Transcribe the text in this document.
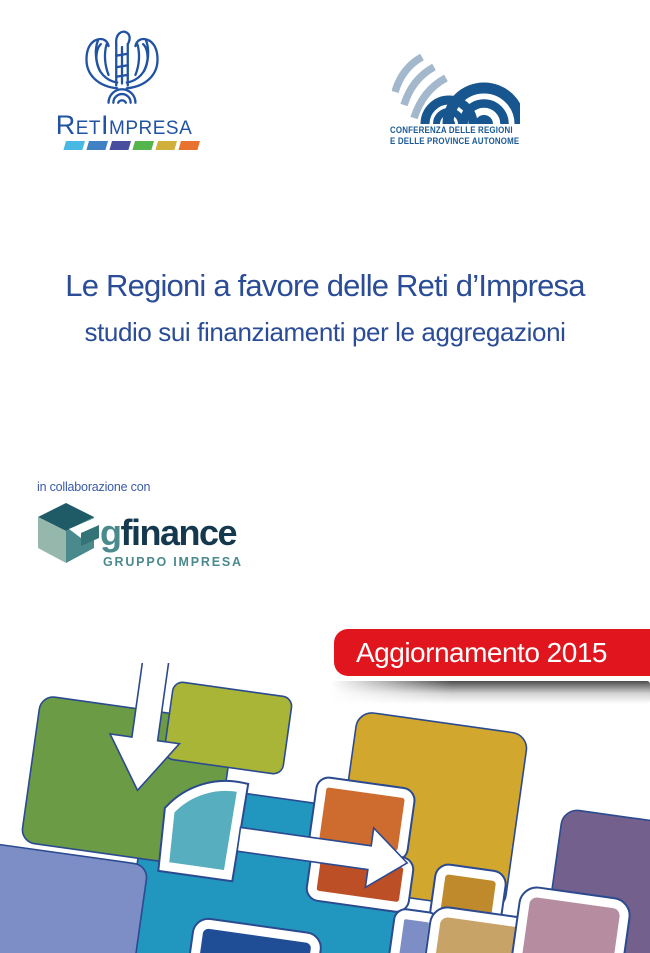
RetImpresa	CONFERENZA DELLE REGIONI
E DELLE PROVINCE AUTONOME
Le Regioni a favore delle Reti d’Impresa
studio sui finanziamenti per le aggregazioni
in collaborazione con
gfinance
GRUPPO IMPRESA
Aggiornamento 2015
